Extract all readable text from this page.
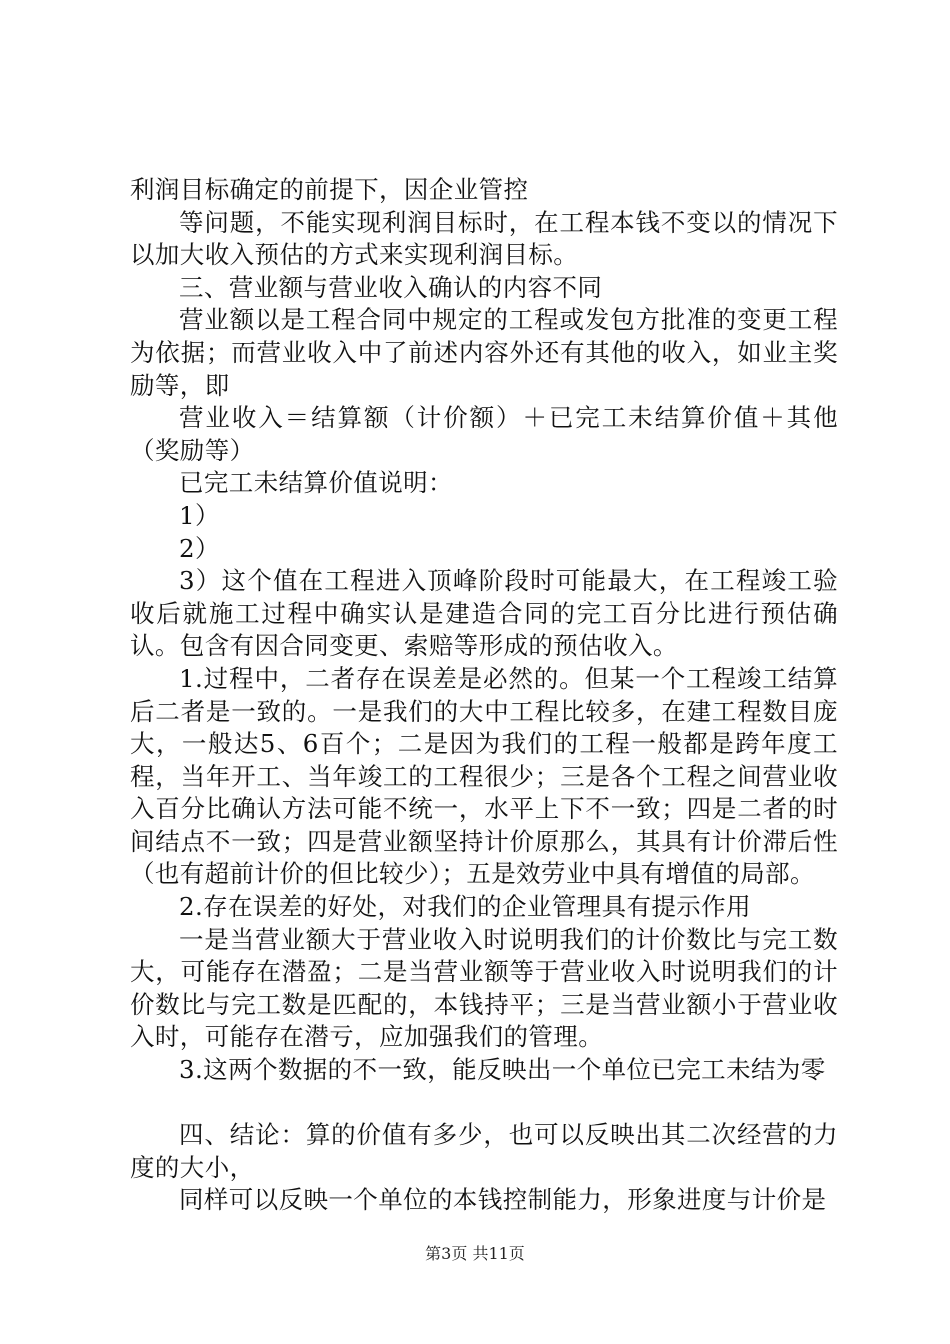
利润目标确定的前提下，因企业管控

等问题，不能实现利润目标时，在工程本钱不变以的情况下以加大收入预估的方式来实现利润目标。

三、营业额与营业收入确认的内容不同

营业额以是工程合同中规定的工程或发包方批准的变更工程为依据；而营业收入中了前述内容外还有其他的收入，如业主奖励等，即

营业收入＝结算额（计价额）＋已完工未结算价值＋其他（奖励等）

已完工未结算价值说明：

1）

2）

3）这个值在工程进入顶峰阶段时可能最大，在工程竣工验收后就施工过程中确实认是建造合同的完工百分比进行预估确认。包含有因合同变更、索赔等形成的预估收入。

1.过程中，二者存在误差是必然的。但某一个工程竣工结算后二者是一致的。一是我们的大中工程比较多，在建工程数目庞大，一般达5、6百个；二是因为我们的工程一般都是跨年度工程，当年开工、当年竣工的工程很少；三是各个工程之间营业收入百分比确认方法可能不统一，水平上下不一致；四是二者的时间结点不一致；四是营业额坚持计价原那么，其具有计价滞后性（也有超前计价的但比较少）；五是效劳业中具有增值的局部。

2.存在误差的好处，对我们的企业管理具有提示作用

一是当营业额大于营业收入时说明我们的计价数比与完工数大，可能存在潜盈；二是当营业额等于营业收入时说明我们的计价数比与完工数是匹配的，本钱持平；三是当营业额小于营业收入时，可能存在潜亏，应加强我们的管理。

3.这两个数据的不一致，能反映出一个单位已完工未结为零

四、结论：算的价值有多少，也可以反映出其二次经营的力度的大小，

同样可以反映一个单位的本钱控制能力，形象进度与计价是

第3页 共11页
